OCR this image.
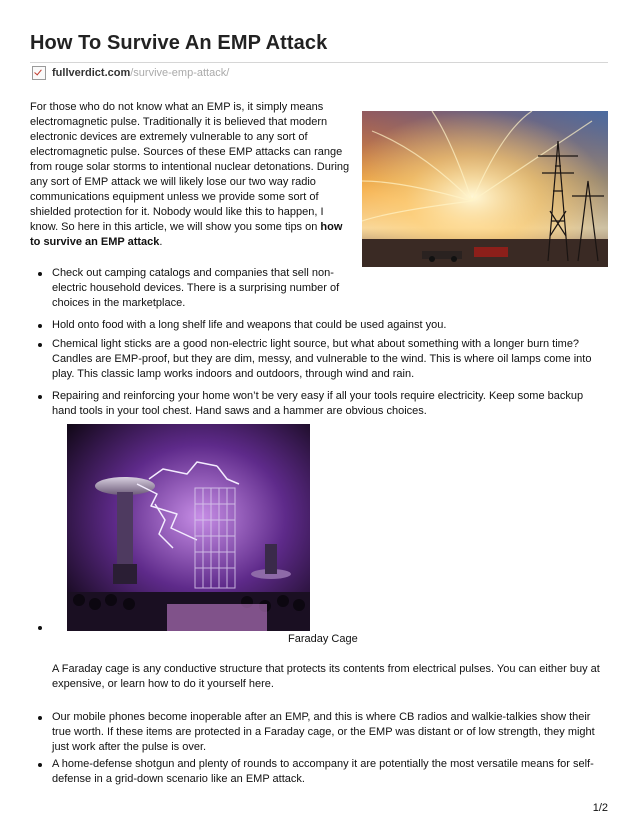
How To Survive An EMP Attack
fullverdict.com /survive-emp-attack/

For those who do not know what an EMP is, it simply means electromagnetic pulse. Traditionally it is believed that modern electronic devices are extremely vulnerable to any sort of electromagnetic pulse. Sources of these EMP attacks can range from rouge solar storms to intentional nuclear detonations. During any sort of EMP attack we will likely lose our two way radio communications equipment unless we provide some sort of shielded protection for it. Nobody would like this to happen, I know. So here in this article, we will show you some tips on how to survive an EMP attack.

Check out camping catalogs and companies that sell non-electric household devices. There is a surprising number of choices in the marketplace.
Hold onto food with a long shelf life and weapons that could be used against you.
Chemical light sticks are a good non-electric light source, but what about something with a longer burn time? Candles are EMP-proof, but they are dim, messy, and vulnerable to the wind. This is where oil lamps come into play. This classic lamp works indoors and outdoors, through wind and rain.
Repairing and reinforcing your home won’t be very easy if all your tools require electricity. Keep some backup hand tools in your tool chest. Hand saws and a hammer are obvious choices.
Faraday Cage

A Faraday cage is any conductive structure that protects its contents from electrical pulses. You can either buy at expensive, or learn how to do it yourself here.

Our mobile phones become inoperable after an EMP, and this is where CB radios and walkie-talkies show their true worth. If these items are protected in a Faraday cage, or the EMP was distant or of low strength, they might just work after the pulse is over.
A home-defense shotgun and plenty of rounds to accompany it are potentially the most versatile means for self-defense in a grid-down scenario like an EMP attack.
1/2
